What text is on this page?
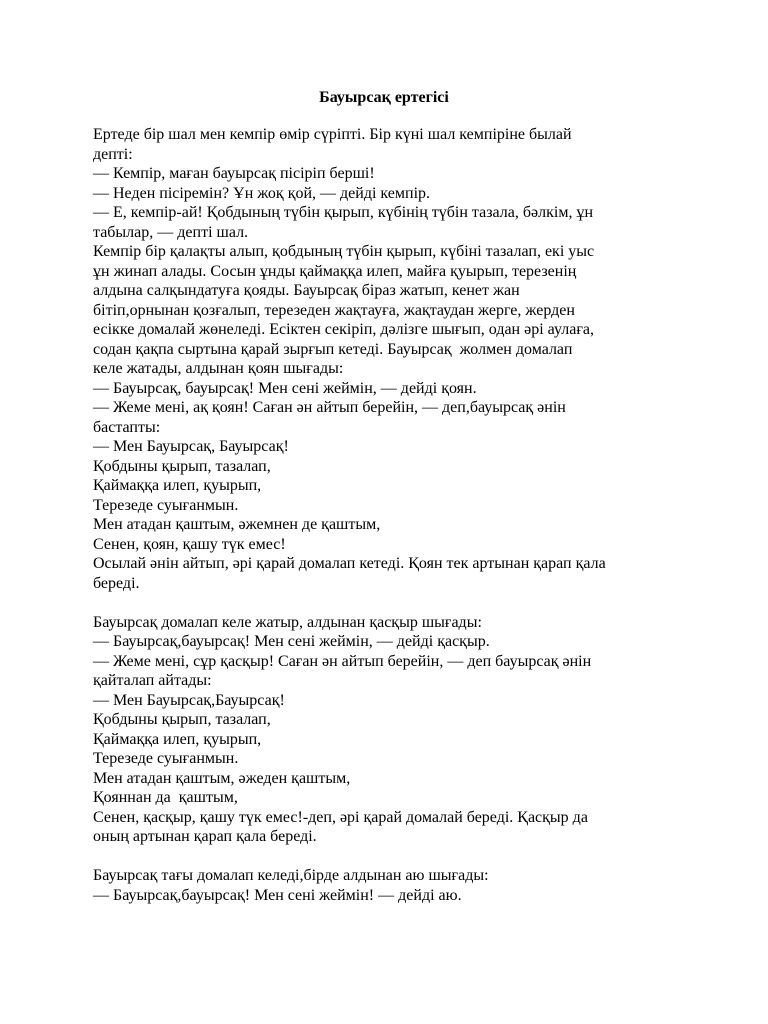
Бауырсақ ертегісі
Ертеде бір шал мен кемпір өмір сүріпті. Бір күні шал кемпіріне былай
депті:
— Кемпір, маған бауырсақ пісіріп берші!
— Неден пісіремін? Ұн жоқ қой, — дейді кемпір.
— Е, кемпір-ай! Қобдының түбін қырып, күбінің түбін тазала, бәлкім, ұн
табылар, — депті шал.
Кемпір бір қалақты алып, қобдының түбін қырып, күбіні тазалап, екі уыс
ұн жинап алады. Сосын ұнды қаймаққа илеп, майға қуырып, терезенің
алдына салқындатуға қояды. Бауырсақ біраз жатып, кенет жан
бітіп,орнынан қозғалып, терезеден жақтауға, жақтаудан жерге, жерден
есікке домалай жөнеледі. Есіктен секіріп, дәлізге шығып, одан әрі аулаға,
содан қақпа сыртына қарай зырғып кетеді. Бауырсақ  жолмен домалап
келе жатады, алдынан қоян шығады:
— Бауырсақ, бауырсақ! Мен сені жеймін, — дейді қоян.
— Жеме мені, ақ қоян! Саған ән айтып берейін, — деп,бауырсақ әнін
бастапты:
— Мен Бауырсақ, Бауырсақ!
Қобдыны қырып, тазалап,
Қаймаққа илеп, қуырып,
Терезеде суығанмын.
Мен атадан қаштым, әжемнен де қаштым,
Сенен, қоян, қашу түк емес!
Осылай әнін айтып, әрі қарай домалап кетеді. Қоян тек артынан қарап қала
береді.
Бауырсақ домалап келе жатыр, алдынан қасқыр шығады:
— Бауырсақ,бауырсақ! Мен сені жеймін, — дейді қасқыр.
— Жеме мені, сұр қасқыр! Саған ән айтып берейін, — деп бауырсақ әнін
қайталап айтады:
— Мен Бауырсақ,Бауырсақ!
Қобдыны қырып, тазалап,
Қаймаққа илеп, қуырып,
Терезеде суығанмын.
Мен атадан қаштым, әжеден қаштым,
Қояннан да  қаштым,
Сенен, қасқыр, қашу түк емес!-деп, әрі қарай домалай береді. Қасқыр да
оның артынан қарап қала береді.
Бауырсақ тағы домалап келеді,бірде алдынан аю шығады:
— Бауырсақ,бауырсақ! Мен сені жеймін! — дейді аю.
